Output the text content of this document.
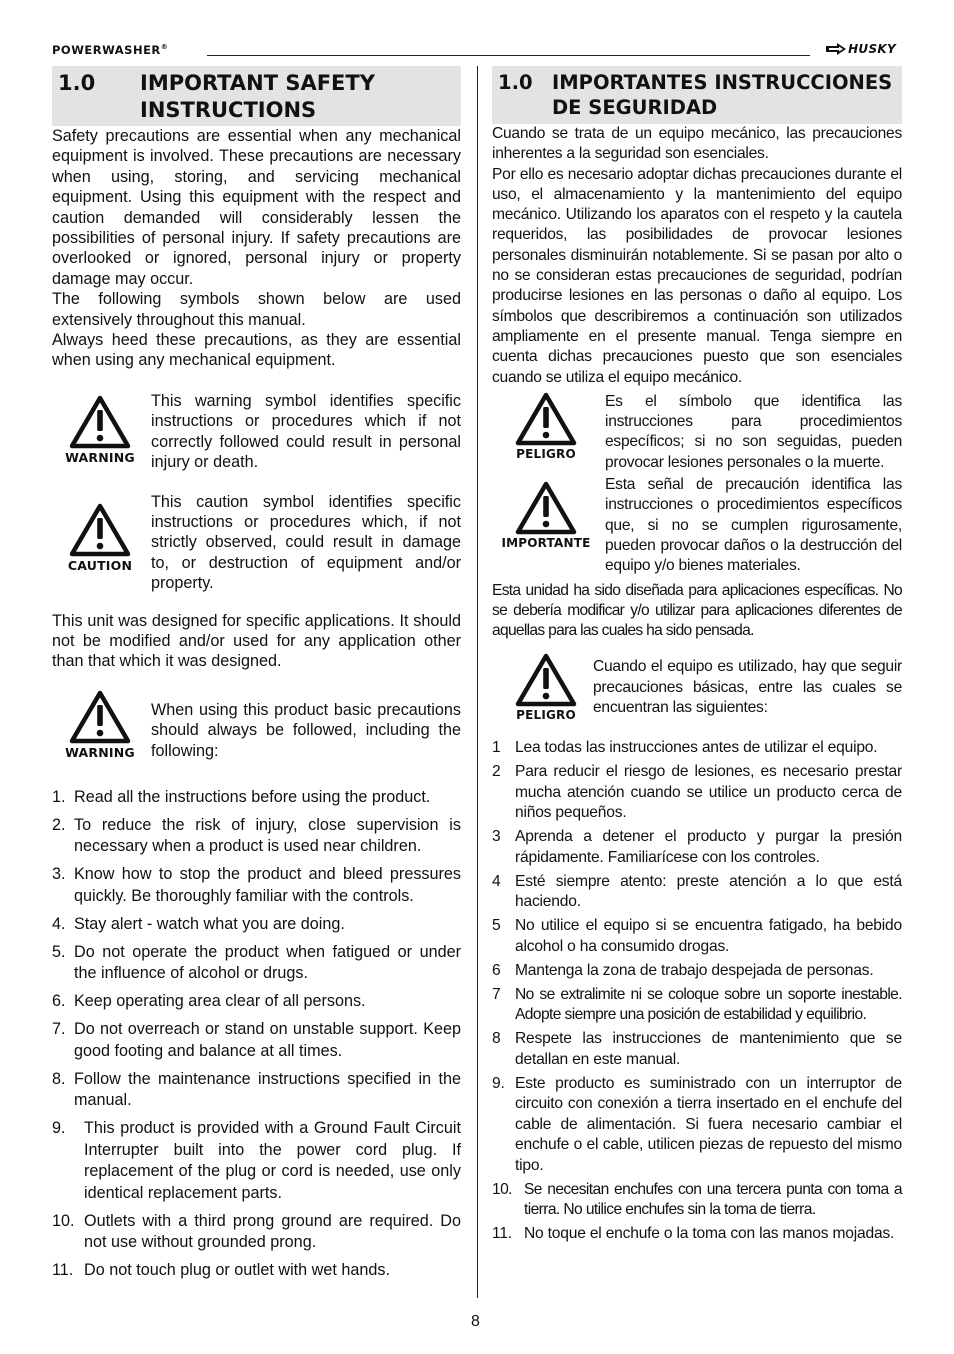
POWERWASHER®	HUSKY
1.0	IMPORTANT SAFETY
INSTRUCTIONS

Safety precautions are essential when any mechanical equipment is involved. These precautions are necessary when using, storing, and servicing mechanical equipment. Using this equipment with the respect and caution demanded will considerably lessen the possibilities of personal injury. If safety precautions are overlooked or ignored, personal injury or property damage may occur.

The following symbols shown below are used extensively throughout this manual.

Always heed these precautions, as they are essential when using any mechanical equipment.

WARNING

This warning symbol identifies specific instructions or procedures which if not correctly followed could result in personal injury or death.

CAUTION

This caution symbol identifies specific instructions or procedures which, if not strictly observed, could result in damage to, or destruction of equipment and/or property.

This unit was designed for specific applications. It should not be modified and/or used for any application other than that which it was designed.

WARNING

When using this product basic precautions should always be followed, including the following:

1. Read all the instructions before using the product.
2. To reduce the risk of injury, close supervision is necessary when a product is used near children.
3. Know how to stop the product and bleed pressures quickly. Be thoroughly familiar with the controls.
4. Stay alert - watch what you are doing.
5. Do not operate the product when fatigued or under the influence of alcohol or drugs.
6. Keep operating area clear of all persons.
7. Do not overreach or stand on unstable support. Keep good footing and balance at all times.
8. Follow the maintenance instructions specified in the manual.
9. This product is provided with a Ground Fault Circuit Interrupter built into the power cord plug. If replacement of the plug or cord is needed, use only identical replacement parts.
10. Outlets with a third prong ground are required. Do not use without grounded prong.
11. Do not touch plug or outlet with wet hands.
1.0 IMPORTANTES INSTRUCCIONES
DE SEGURIDAD

Cuando se trata de un equipo mecánico, las precauciones inherentes a la seguridad son esenciales.

Por ello es necesario adoptar dichas precauciones durante el uso, el almacenamiento y la mantenimiento del equipo mecánico. Utilizando los aparatos con el respeto y la cautela requeridos, las posibilidades de provocar lesiones personales disminuirán notablemente. Si se pasan por alto o no se consideran estas precauciones de seguridad, podrían producirse lesiones en las personas o daño al equipo. Los símbolos que describiremos a continuación son utilizados ampliamente en el presente manual. Tenga siempre en cuenta dichas precauciones puesto que son esenciales cuando se utiliza el equipo mecánico.

PELIGRO

Es el símbolo que identifica las instrucciones para procedimientos específicos; si no son seguidas, pueden provocar lesiones personales o la muerte.

IMPORTANTE

Esta señal de precaución identifica las instrucciones o procedimientos específicos que, si no se cumplen rigurosamente, pueden provocar daños o la destrucción del equipo y/o bienes materiales.

Esta unidad ha sido diseñada para aplicaciones específicas. No se debería modificar y/o utilizar para aplicaciones diferentes de aquellas para las cuales ha sido pensada.

PELIGRO

Cuando el equipo es utilizado, hay que seguir precauciones básicas, entre las cuales se encuentran las siguientes:

1 Lea todas las instrucciones antes de utilizar el equipo.
2 Para reducir el riesgo de lesiones, es necesario prestar mucha atención cuando se utilice un producto cerca de niños pequeños.
3 Aprenda a detener el producto y purgar la presión rápidamente. Familiarícese con los controles.
4 Esté siempre atento: preste atención a lo que está haciendo.
5 No utilice el equipo si se encuentra fatigado, ha bebido alcohol o ha consumido drogas.
6 Mantenga la zona de trabajo despejada de personas.
7 No se extralimite ni se coloque sobre un soporte inestable. Adopte siempre una posición de estabilidad y equilibrio.
8 Respete las instrucciones de mantenimiento que se detallan en este manual.
9. Este producto es suministrado con un interruptor de circuito con conexión a tierra insertado en el enchufe del cable de alimentación. Si fuera necesario cambiar el enchufe o el cable, utilicen piezas de repuesto del mismo tipo.
10. Se necesitan enchufes con una tercera punta con toma a tierra. No utilice enchufes sin la toma de tierra.
11. No toque el enchufe o la toma con las manos mojadas.
8
